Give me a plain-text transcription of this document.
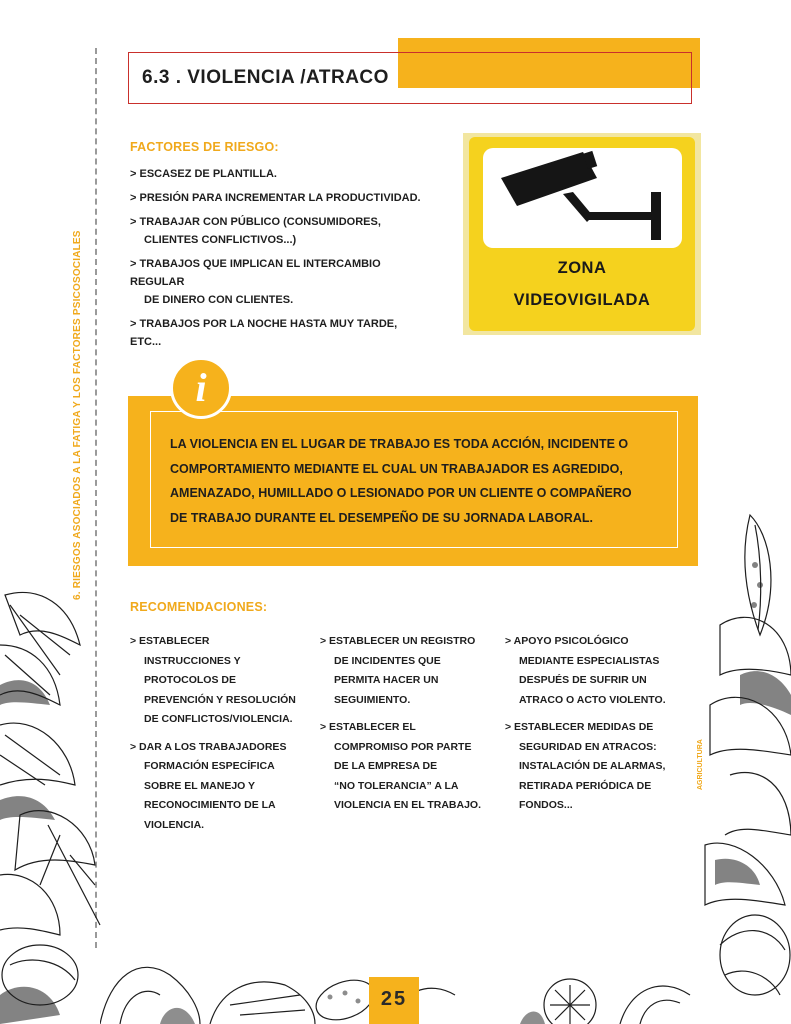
6. RIESGOS ASOCIADOS A LA FATIGA Y LOS FACTORES PSICOSOCIALES
6.3 . VIOLENCIA /ATRACO
FACTORES DE RIESGO:
> ESCASEZ DE PLANTILLA.
> PRESIÓN PARA INCREMENTAR LA PRODUCTIVIDAD.
> TRABAJAR CON PÚBLICO (CONSUMIDORES,
CLIENTES CONFLICTIVOS...)
> TRABAJOS QUE IMPLICAN EL INTERCAMBIO REGULAR
DE DINERO CON CLIENTES.
> TRABAJOS POR LA NOCHE HASTA MUY TARDE, ETC...
ZONA
VIDEOVIGILADA
i
LA VIOLENCIA EN EL LUGAR DE TRABAJO ES TODA ACCIÓN, INCIDENTE O
COMPORTAMIENTO MEDIANTE EL CUAL UN TRABAJADOR ES AGREDIDO,
AMENAZADO, HUMILLADO O LESIONADO POR UN CLIENTE O COMPAÑERO
DE TRABAJO DURANTE EL DESEMPEÑO DE SU JORNADA LABORAL.
RECOMENDACIONES:
> ESTABLECER
INSTRUCCIONES Y
PROTOCOLOS DE
PREVENCIÓN Y RESOLUCIÓN
DE CONFLICTOS/VIOLENCIA.
> DAR A LOS TRABAJADORES
FORMACIÓN ESPECÍFICA
SOBRE EL MANEJO Y
RECONOCIMIENTO DE LA
VIOLENCIA.
> ESTABLECER UN REGISTRO
DE INCIDENTES QUE
PERMITA HACER UN
SEGUIMIENTO.
> ESTABLECER EL
COMPROMISO POR PARTE
DE LA EMPRESA DE
“NO TOLERANCIA” A LA
VIOLENCIA EN EL TRABAJO.
> APOYO PSICOLÓGICO
MEDIANTE ESPECIALISTAS
DESPUÉS DE SUFRIR UN
ATRACO O ACTO VIOLENTO.
> ESTABLECER MEDIDAS DE
SEGURIDAD EN ATRACOS:
INSTALACIÓN DE ALARMAS,
RETIRADA PERIÓDICA DE
FONDOS...
AGRICULTURA
25
